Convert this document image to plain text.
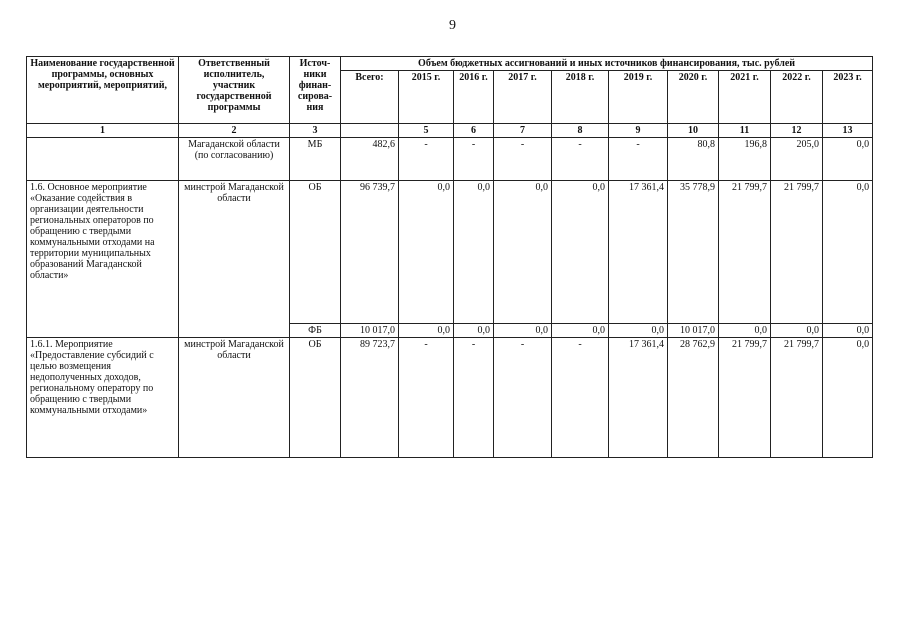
9
Наименование государственной программы, основных мероприятий, мероприятий,	Ответственный исполнитель, участник государственной программы	Источ- ники финан- сирова- ния	Объем бюджетных ассигнований и иных источников финансирования, тыс. рублей									
			Всего:	2015 г.	2016 г.	2017 г.	2018 г.	2019 г.	2020 г.	2021 г.	2022 г.	2023 г.
1	2	3		5	6	7	8	9	10	11	12	13
	Магаданской области (по согласованию)	МБ	482,6	-	-	-	-	-	80,8	196,8	205,0	0,0
1.6. Основное мероприятие «Оказание содействия в организации деятельности региональных операторов по обращению с твердыми коммунальными отходами на территории муниципальных образований Магаданской области»	минстрой Магаданской области	ОБ	96 739,7	0,0	0,0	0,0	0,0	17 361,4	35 778,9	21 799,7	21 799,7	0,0
		ФБ	10 017,0	0,0	0,0	0,0	0,0	0,0	10 017,0	0,0	0,0	0,0
1.6.1. Мероприятие «Предоставление субсидий с целью возмещения недополученных доходов, региональному оператору по обращению с твердыми коммунальными отходами»	минстрой Магаданской области	ОБ	89 723,7	-	-	-	-	17 361,4	28 762,9	21 799,7	21 799,7	0,0
